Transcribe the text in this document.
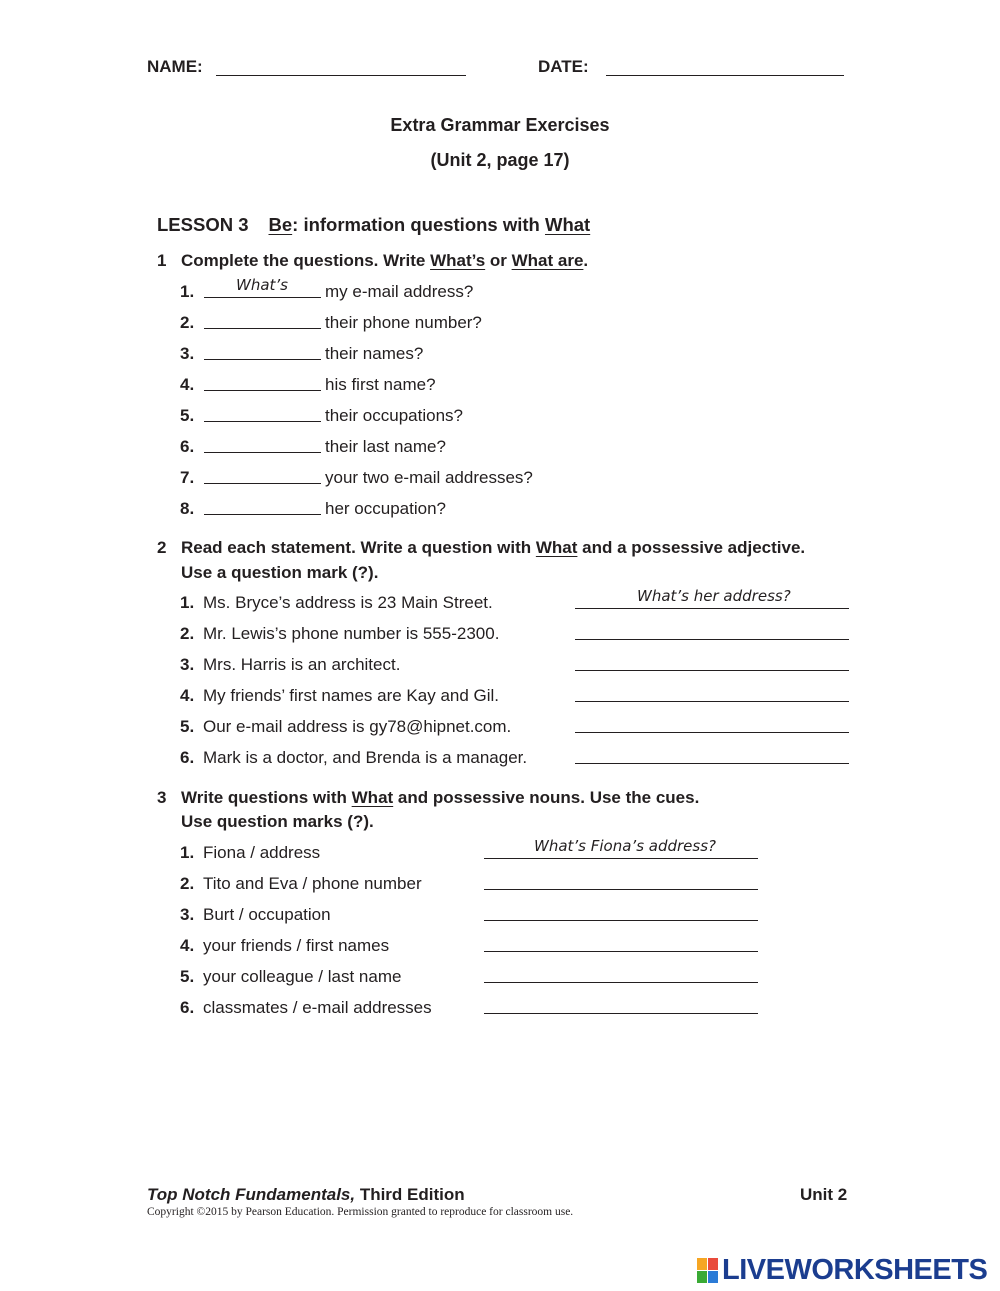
NAME:	DATE:
Extra Grammar Exercises
(Unit 2, page 17)
LESSON 3 Be: information questions with What
1 Complete the questions. Write What’s or What are.
1.	What’s my e-mail address?
2.	their phone number?
3.	their names?
4.	his first name?
5.	their occupations?
6.	their last name?
7.	your two e-mail addresses?
8.	her occupation?
2 Read each statement. Write a question with What and a possessive adjective.
Use a question mark (?).
1. Ms. Bryce’s address is 23 Main Street.	What’s her address?
2. Mr. Lewis’s phone number is 555-2300.
3. Mrs. Harris is an architect.
4. My friends’ first names are Kay and Gil.
5. Our e-mail address is gy78@hipnet.com.
6. Mark is a doctor, and Brenda is a manager.
3 Write questions with What and possessive nouns. Use the cues.
Use question marks (?).
1. Fiona / address	What’s Fiona’s address?
2. Tito and Eva / phone number
3. Burt / occupation
4. your friends / first names
5. your colleague / last name
6. classmates / e-mail addresses
Top Notch Fundamentals, Third Edition	Unit 2
Copyright ©2015 by Pearson Education. Permission granted to reproduce for classroom use.
LIVEWORKSHEETS
